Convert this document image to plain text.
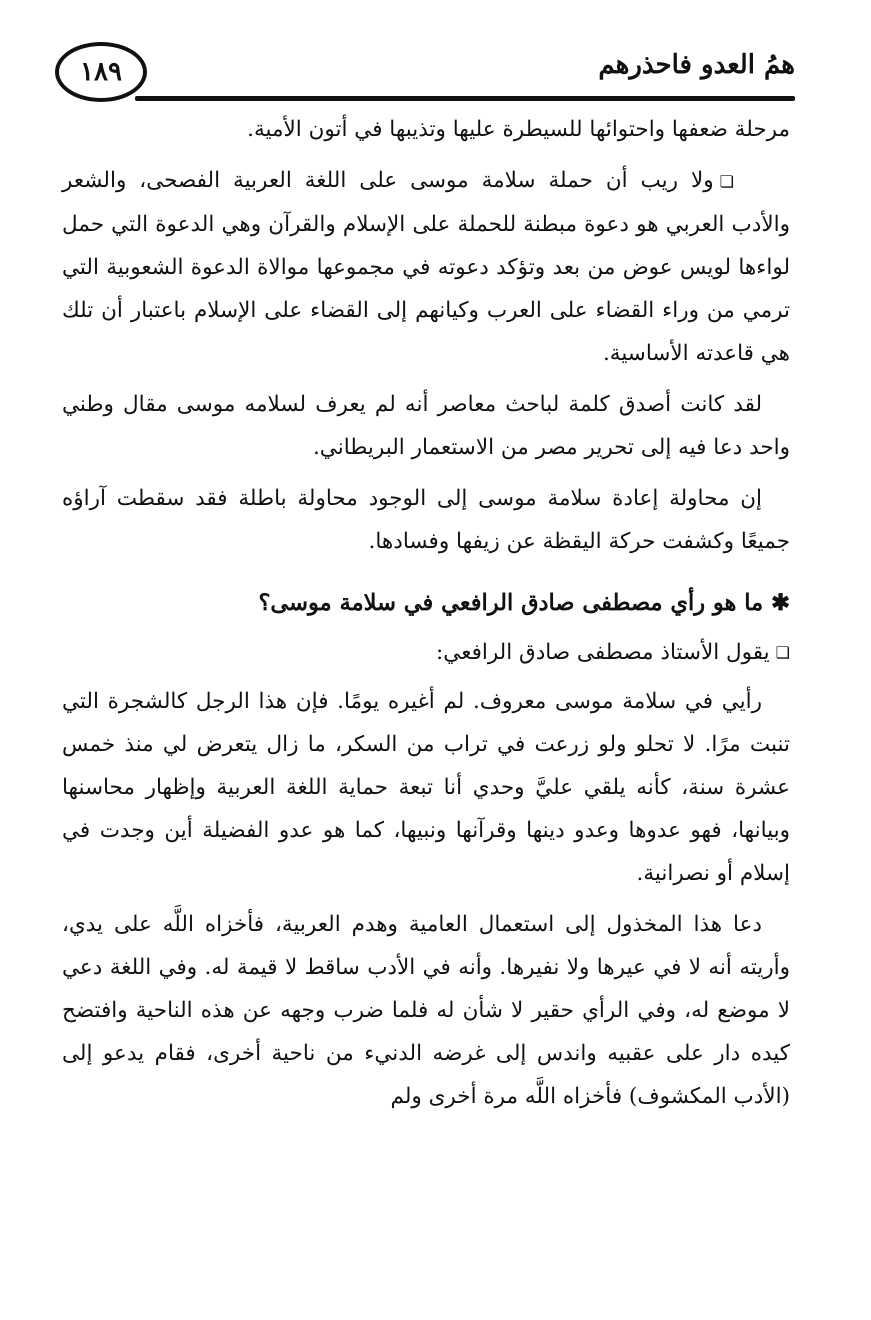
١٨٩	همُ العدو فاحذرهم

مرحلة ضعفها واحتوائها للسيطرة عليها وتذيبها في أتون الأمية.

❏ولا ريب أن حملة سلامة موسى على اللغة العربية الفصحى، والشعر والأدب العربي هو دعوة مبطنة للحملة على الإسلام والقرآن وهي الدعوة التي حمل لواءها لويس عوض من بعد وتؤكد دعوته في مجموعها موالاة الدعوة الشعوبية التي ترمي من وراء القضاء على العرب وكيانهم إلى القضاء على الإسلام باعتبار أن تلك هي قاعدته الأساسية.

لقد كانت أصدق كلمة لباحث معاصر أنه لم يعرف لسلامه موسى مقال وطني واحد دعا فيه إلى تحرير مصر من الاستعمار البريطاني.

إن محاولة إعادة سلامة موسى إلى الوجود محاولة باطلة فقد سقطت آراؤه جميعًا وكشفت حركة اليقظة عن زيفها وفسادها.

✱ما هو رأي مصطفى صادق الرافعي في سلامة موسى؟

❏يقول الأستاذ مصطفى صادق الرافعي:

رأيي في سلامة موسى معروف. لم أغيره يومًا. فإن هذا الرجل كالشجرة التي تنبت مرًا. لا تحلو ولو زرعت في تراب من السكر، ما زال يتعرض لي منذ خمس عشرة سنة، كأنه يلقي عليَّ وحدي أنا تبعة حماية اللغة العربية وإظهار محاسنها وبيانها، فهو عدوها وعدو دينها وقرآنها ونبيها، كما هو عدو الفضيلة أين وجدت في إسلام أو نصرانية.

دعا هذا المخذول إلى استعمال العامية وهدم العربية، فأخزاه اللَّه على يدي، وأريته أنه لا في عيرها ولا نفيرها. وأنه في الأدب ساقط لا قيمة له. وفي اللغة دعي لا موضع له، وفي الرأي حقير لا شأن له فلما ضرب وجهه عن هذه الناحية وافتضح كيده دار على عقبيه واندس إلى غرضه الدنيء من ناحية أخرى، فقام يدعو إلى (الأدب المكشوف) فأخزاه اللَّه مرة أخرى ولم
